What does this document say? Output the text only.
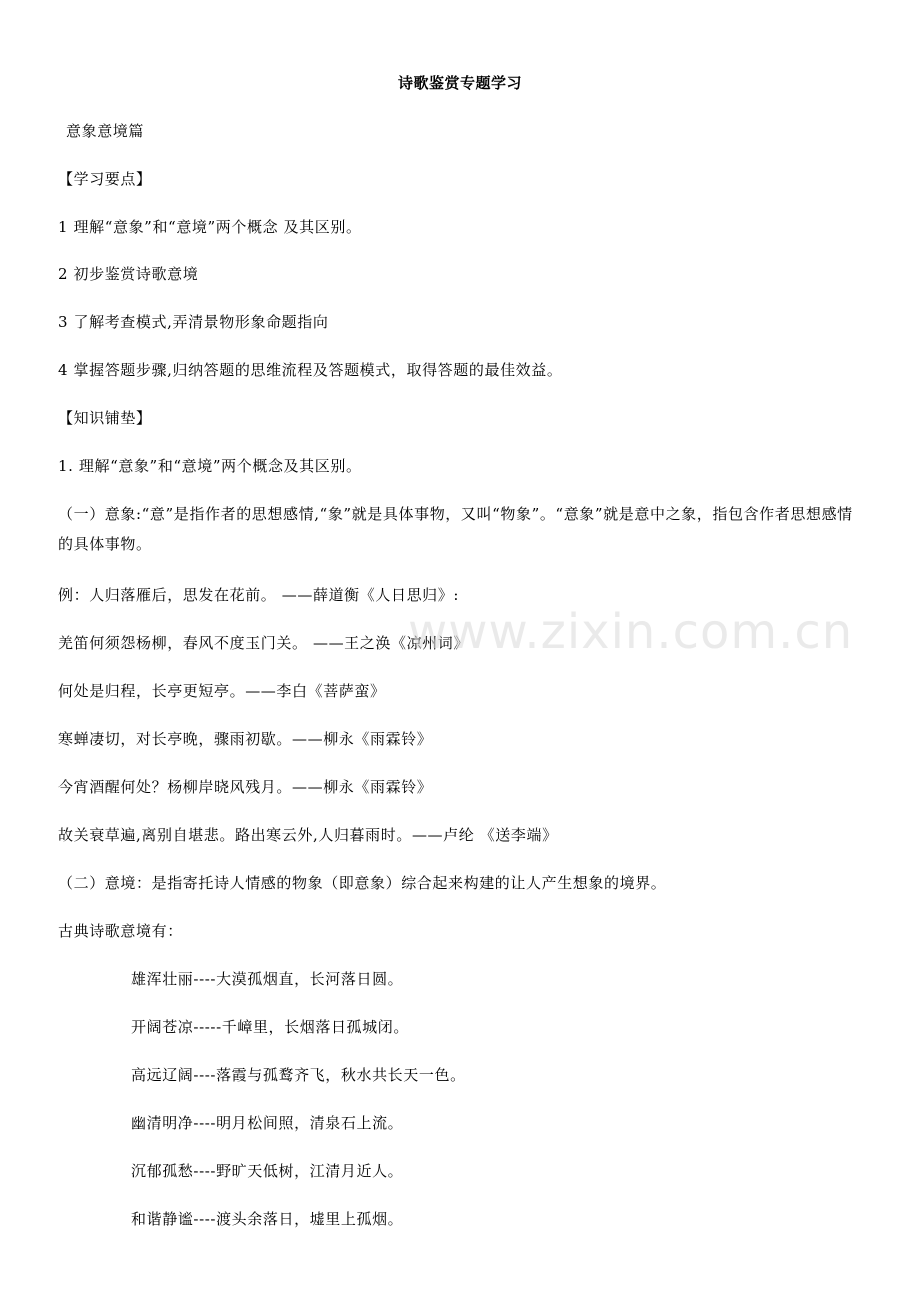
诗歌鉴赏专题学习
意象意境篇
【学习要点】
1 理解“意象”和“意境”两个概念 及其区别。
2 初步鉴赏诗歌意境
3 了解考查模式,弄清景物形象命题指向
4 掌握答题步骤,归纳答题的思维流程及答题模式，取得答题的最佳效益。
【知识铺垫】
1. 理解“意象”和“意境”两个概念及其区别。
（一）意象:“意”是指作者的思想感情,“象”就是具体事物，又叫“物象”。“意象”就是意中之象，指包含作者思想感情的具体事物。
例：人归落雁后，思发在花前。 ——薛道衡《人日思归》:
羌笛何须怨杨柳，春风不度玉门关。 ——王之涣《凉州词》
何处是归程，长亭更短亭。——李白《菩萨蛮》
寒蝉凄切，对长亭晚，骤雨初歇。——柳永《雨霖铃》
今宵酒醒何处？杨柳岸晓风残月。——柳永《雨霖铃》
故关衰草遍,离别自堪悲。路出寒云外,人归暮雨时。——卢纶 《送李端》
（二）意境：是指寄托诗人情感的物象（即意象）综合起来构建的让人产生想象的境界。
古典诗歌意境有：
雄浑壮丽----大漠孤烟直，长河落日圆。
开阔苍凉-----千嶂里，长烟落日孤城闭。
高远辽阔----落霞与孤鹜齐飞，秋水共长天一色。
幽清明净----明月松间照，清泉石上流。
沉郁孤愁----野旷天低树，江清月近人。
和谐静谧----渡头余落日，墟里上孤烟。
www.zixin.com.cn
